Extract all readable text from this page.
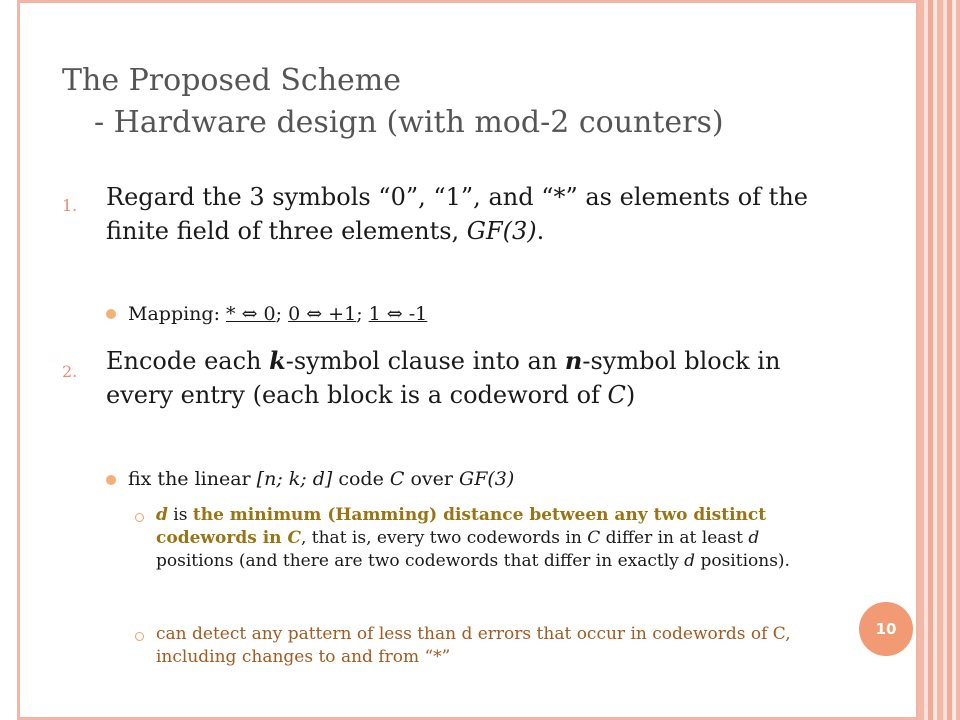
The Proposed Scheme
- Hardware design (with mod-2 counters)
1. Regard the 3 symbols “0”, “1”, and “*” as elements of the finite field of three elements, GF(3).
Mapping: * ⇔ 0; 0 ⇔ +1; 1 ⇔ -1
2. Encode each k-symbol clause into an n-symbol block in every entry (each block is a codeword of C)
fix the linear [n; k; d] code C over GF(3)
d is the minimum (Hamming) distance between any two distinct codewords in C, that is, every two codewords in C differ in at least d positions (and there are two codewords that differ in exactly d positions).
can detect any pattern of less than d errors that occur in codewords of C, including changes to and from “*”
10
